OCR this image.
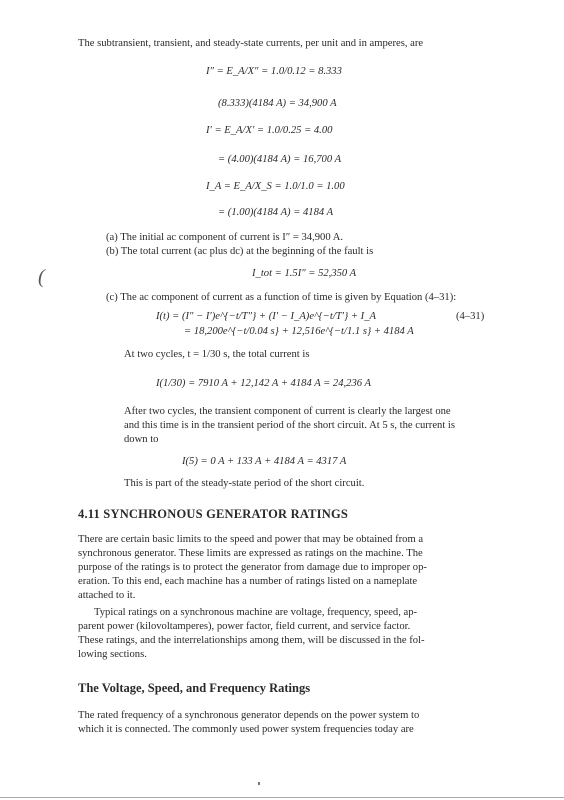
The subtransient, transient, and steady-state currents, per unit and in amperes, are
I″ = E_A/X″ = 1.0/0.12 = 8.333
(8.333)(4184 A) = 34,900 A
I′ = E_A/X′ = 1.0/0.25 = 4.00
= (4.00)(4184 A) = 16,700 A
I_A = E_A/X_S = 1.0/1.0 = 1.00
= (1.00)(4184 A) = 4184 A
(a) The initial ac component of current is I″ = 34,900 A.
(b) The total current (ac plus dc) at the beginning of the fault is
I_tot = 1.5I″ = 52,350 A
(
(c) The ac component of current as a function of time is given by Equation (4–31):
I(t) = (I″ − I′)e^{−t/T″} + (I′ − I_A)e^{−t/T′} + I_A	(4–31)
= 18,200e^{−t/0.04 s} + 12,516e^{−t/1.1 s} + 4184 A
At two cycles, t = 1/30 s, the total current is
I(1/30) = 7910 A + 12,142 A + 4184 A = 24,236 A
After two cycles, the transient component of current is clearly the largest one
and this time is in the transient period of the short circuit. At 5 s, the current is
down to
I(5) = 0 A + 133 A + 4184 A = 4317 A
This is part of the steady-state period of the short circuit.
4.11 SYNCHRONOUS GENERATOR RATINGS
There are certain basic limits to the speed and power that may be obtained from a
synchronous generator. These limits are expressed as ratings on the machine. The
purpose of the ratings is to protect the generator from damage due to improper op-
eration. To this end, each machine has a number of ratings listed on a nameplate
attached to it.
Typical ratings on a synchronous machine are voltage, frequency, speed, ap-
parent power (kilovoltamperes), power factor, field current, and service factor.
These ratings, and the interrelationships among them, will be discussed in the fol-
lowing sections.
The Voltage, Speed, and Frequency Ratings
The rated frequency of a synchronous generator depends on the power system to
which it is connected. The commonly used power system frequencies today are
